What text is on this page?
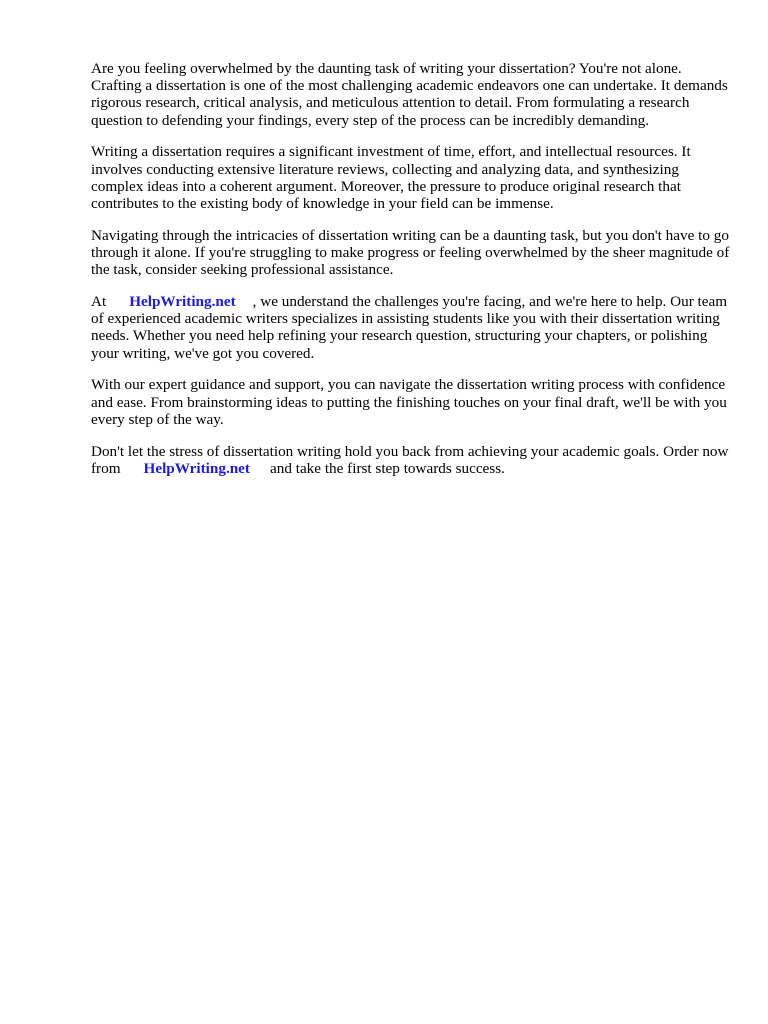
Are you feeling overwhelmed by the daunting task of writing your dissertation? You're not alone. Crafting a dissertation is one of the most challenging academic endeavors one can undertake. It demands rigorous research, critical analysis, and meticulous attention to detail. From formulating a research question to defending your findings, every step of the process can be incredibly demanding.

Writing a dissertation requires a significant investment of time, effort, and intellectual resources. It involves conducting extensive literature reviews, collecting and analyzing data, and synthesizing complex ideas into a coherent argument. Moreover, the pressure to produce original research that contributes to the existing body of knowledge in your field can be immense.

Navigating through the intricacies of dissertation writing can be a daunting task, but you don't have to go through it alone. If you're struggling to make progress or feeling overwhelmed by the sheer magnitude of the task, consider seeking professional assistance.

At HelpWriting.net , we understand the challenges you're facing, and we're here to help. Our team of experienced academic writers specializes in assisting students like you with their dissertation writing needs. Whether you need help refining your research question, structuring your chapters, or polishing your writing, we've got you covered.

With our expert guidance and support, you can navigate the dissertation writing process with confidence and ease. From brainstorming ideas to putting the finishing touches on your final draft, we'll be with you every step of the way.

Don't let the stress of dissertation writing hold you back from achieving your academic goals. Order now from HelpWriting.net and take the first step towards success.
